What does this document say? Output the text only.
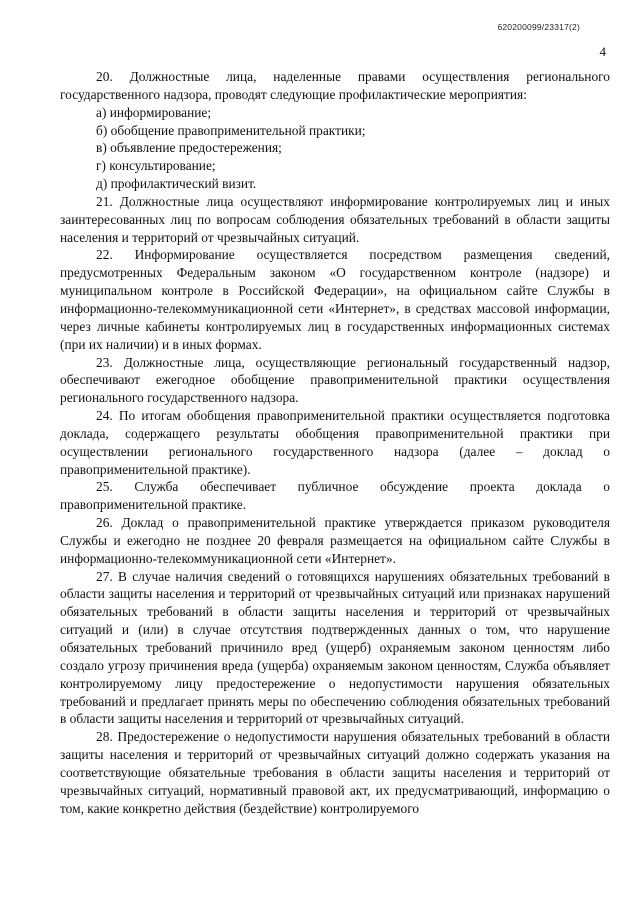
620200099/23317(2)
4

20. Должностные лица, наделенные правами осуществления регионального государственного надзора, проводят следующие профилактические мероприятия:

а) информирование;

б) обобщение правоприменительной практики;

в) объявление предостережения;

г) консультирование;

д) профилактический визит.

21. Должностные лица осуществляют информирование контролируемых лиц и иных заинтересованных лиц по вопросам соблюдения обязательных требований в области защиты населения и территорий от чрезвычайных ситуаций.

22. Информирование осуществляется посредством размещения сведений, предусмотренных Федеральным законом «О государственном контроле (надзоре) и муниципальном контроле в Российской Федерации», на официальном сайте Службы в информационно-телекоммуникационной сети «Интернет», в средствах массовой информации, через личные кабинеты контролируемых лиц в государственных информационных системах (при их наличии) и в иных формах.

23. Должностные лица, осуществляющие региональный государственный надзор, обеспечивают ежегодное обобщение правоприменительной практики осуществления регионального государственного надзора.

24. По итогам обобщения правоприменительной практики осуществляется подготовка доклада, содержащего результаты обобщения правоприменительной практики при осуществлении регионального государственного надзора (далее – доклад о правоприменительной практике).

25. Служба обеспечивает публичное обсуждение проекта доклада о правоприменительной практике.

26. Доклад о правоприменительной практике утверждается приказом руководителя Службы и ежегодно не позднее 20 февраля размещается на официальном сайте Службы в информационно-телекоммуникационной сети «Интернет».

27. В случае наличия сведений о готовящихся нарушениях обязательных требований в области защиты населения и территорий от чрезвычайных ситуаций или признаках нарушений обязательных требований в области защиты населения и территорий от чрезвычайных ситуаций и (или) в случае отсутствия подтвержденных данных о том, что нарушение обязательных требований причинило вред (ущерб) охраняемым законом ценностям либо создало угрозу причинения вреда (ущерба) охраняемым законом ценностям, Служба объявляет контролируемому лицу предостережение о недопустимости нарушения обязательных требований и предлагает принять меры по обеспечению соблюдения обязательных требований в области защиты населения и территорий от чрезвычайных ситуаций.

28. Предостережение о недопустимости нарушения обязательных требований в области защиты населения и территорий от чрезвычайных ситуаций должно содержать указания на соответствующие обязательные требования в области защиты населения и территорий от чрезвычайных ситуаций, нормативный правовой акт, их предусматривающий, информацию о том, какие конкретно действия (бездействие) контролируемого
